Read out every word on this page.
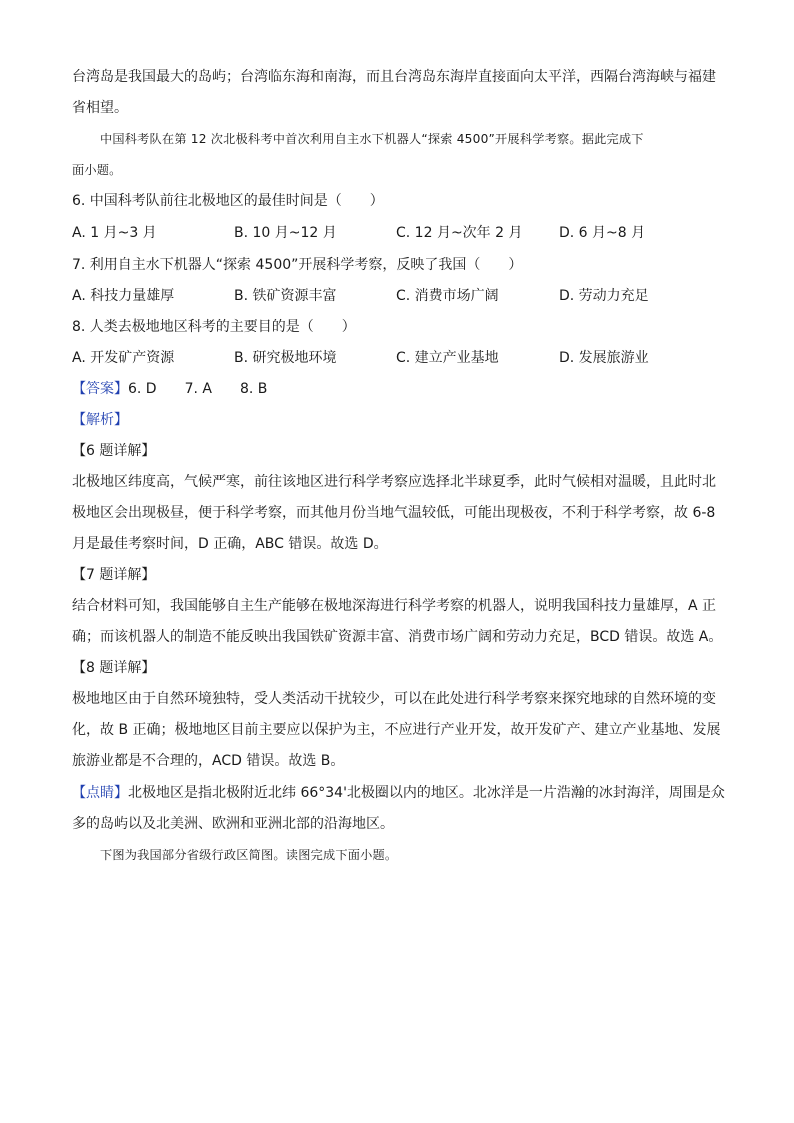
台湾岛是我国最大的岛屿；台湾临东海和南海，而且台湾岛东海岸直接面向太平洋，西隔台湾海峡与福建
省相望。
中国科考队在第 12 次北极科考中首次利用自主水下机器人“探索 4500”开展科学考察。据此完成下
面小题。
6. 中国科考队前往北极地区的最佳时间是（　　）
A. 1 月~3 月	B. 10 月~12 月	C. 12 月~次年 2 月	D. 6 月~8 月
7. 利用自主水下机器人“探索 4500”开展科学考察，反映了我国（　　）
A. 科技力量雄厚	B. 铁矿资源丰富	C. 消费市场广阔	D. 劳动力充足
8. 人类去极地地区科考的主要目的是（　　）
A. 开发矿产资源	B. 研究极地环境	C. 建立产业基地	D. 发展旅游业
【答案】6. D　　7. A　　8. B
【解析】
【6 题详解】
北极地区纬度高，气候严寒，前往该地区进行科学考察应选择北半球夏季，此时气候相对温暖，且此时北
极地区会出现极昼，便于科学考察，而其他月份当地气温较低，可能出现极夜，不利于科学考察，故 6-8
月是最佳考察时间，D 正确，ABC 错误。故选 D。
【7 题详解】
结合材料可知，我国能够自主生产能够在极地深海进行科学考察的机器人，说明我国科技力量雄厚，A 正
确；而该机器人的制造不能反映出我国铁矿资源丰富、消费市场广阔和劳动力充足，BCD 错误。故选 A。
【8 题详解】
极地地区由于自然环境独特，受人类活动干扰较少，可以在此处进行科学考察来探究地球的自然环境的变
化，故 B 正确；极地地区目前主要应以保护为主，不应进行产业开发，故开发矿产、建立产业基地、发展
旅游业都是不合理的，ACD 错误。故选 B。
【点睛】北极地区是指北极附近北纬 66°34'北极圈以内的地区。北冰洋是一片浩瀚的冰封海洋，周围是众
多的岛屿以及北美洲、欧洲和亚洲北部的沿海地区。
下图为我国部分省级行政区简图。读图完成下面小题。
